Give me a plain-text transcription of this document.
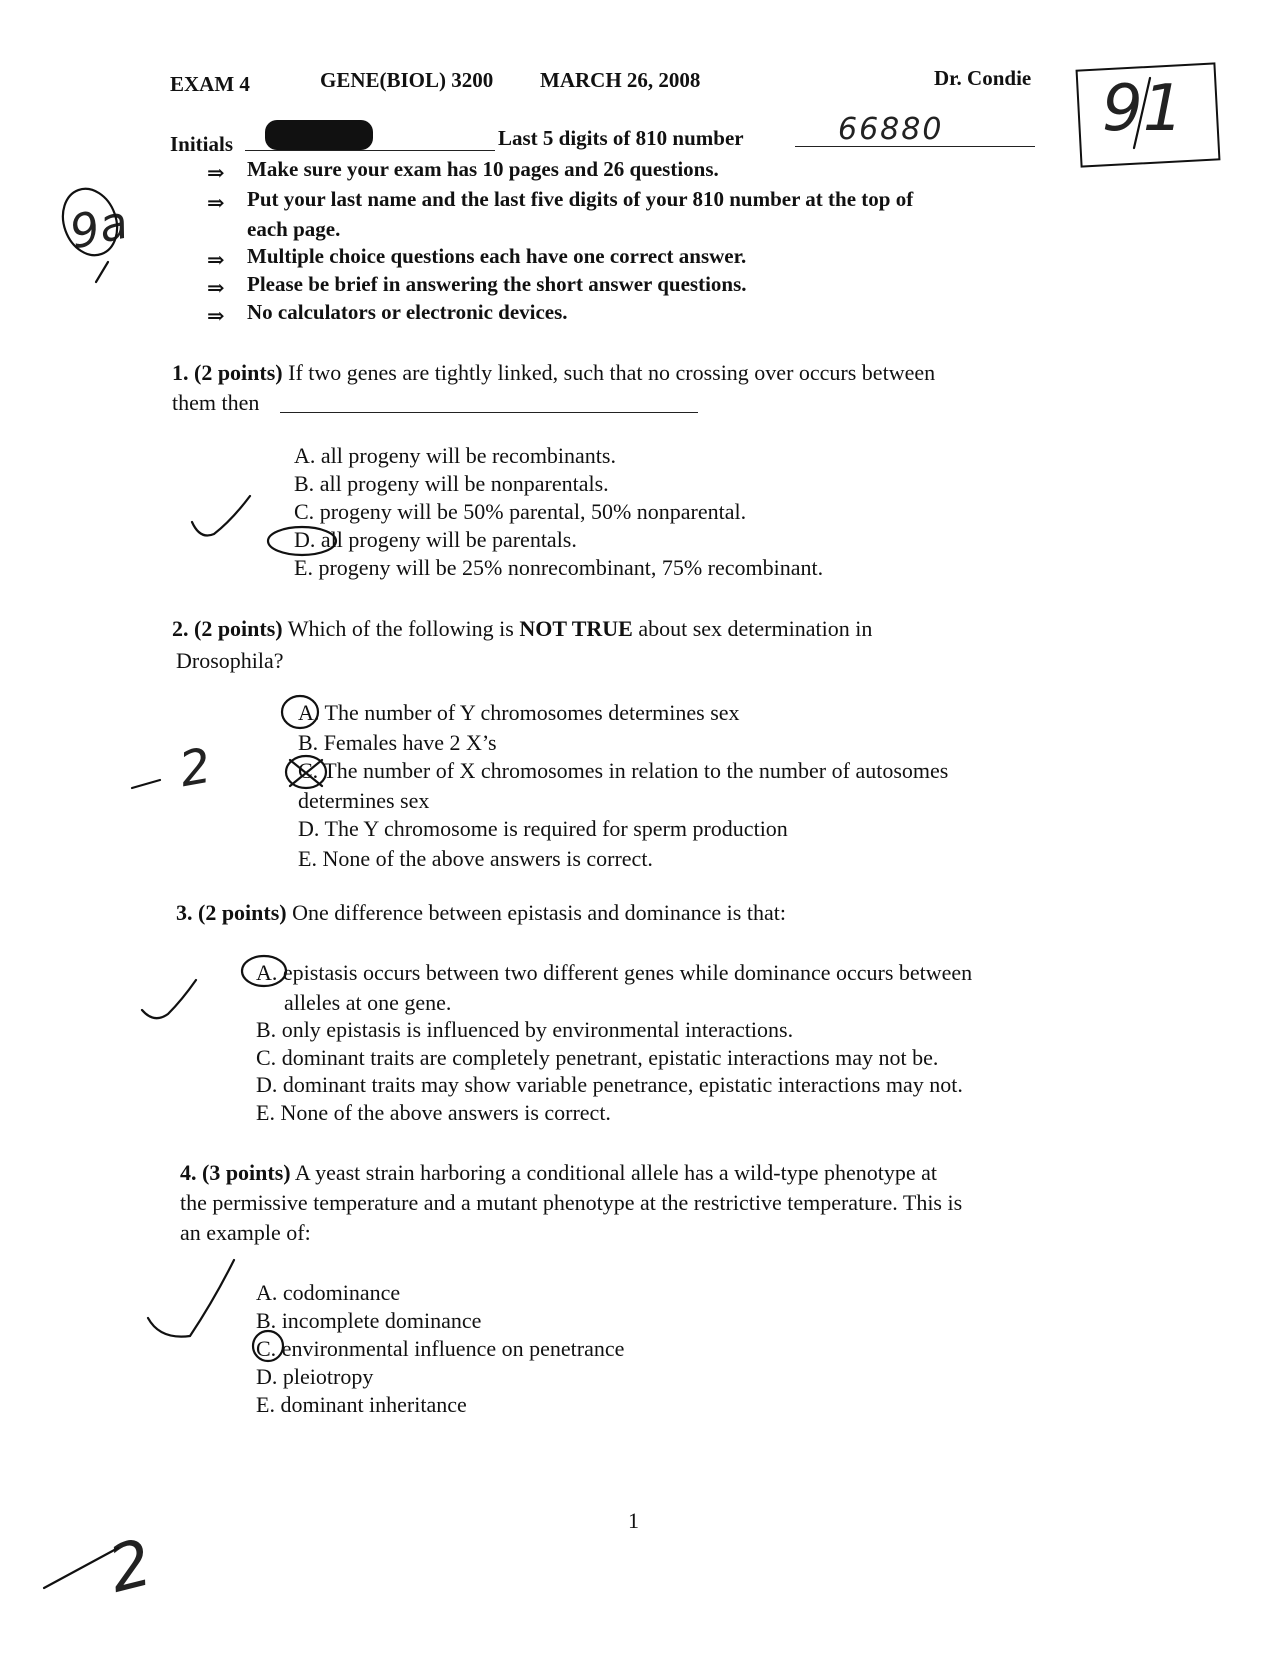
EXAM 4	GENE(BIOL) 3200 MARCH 26, 2008	Dr. Condie
Initials	Last 5 digits of 810 number	66880 91
⇒ Make sure your exam has 10 pages and 26 questions.
⇒ Put your last name and the last five digits of your 810 number at the top of
each page.
⇒ Multiple choice questions each have one correct answer.
⇒ Please be brief in answering the short answer questions.
⇒ No calculators or electronic devices.
1. (2 points) If two genes are tightly linked, such that no crossing over occurs between
them then
A. all progeny will be recombinants.
B. all progeny will be nonparentals.
C. progeny will be 50% parental, 50% nonparental.
D. all progeny will be parentals.
E. progeny will be 25% nonrecombinant, 75% recombinant.
2. (2 points) Which of the following is NOT TRUE about sex determination in
Drosophila?
A. The number of Y chromosomes determines sex
B. Females have 2 X’s
C. The number of X chromosomes in relation to the number of autosomes
determines sex
D. The Y chromosome is required for sperm production
E. None of the above answers is correct.
3. (2 points) One difference between epistasis and dominance is that:
A. epistasis occurs between two different genes while dominance occurs between
alleles at one gene.
B. only epistasis is influenced by environmental interactions.
C. dominant traits are completely penetrant, epistatic interactions may not be.
D. dominant traits may show variable penetrance, epistatic interactions may not.
E. None of the above answers is correct.
4. (3 points) A yeast strain harboring a conditional allele has a wild-type phenotype at
the permissive temperature and a mutant phenotype at the restrictive temperature. This is
an example of:
A. codominance
B. incomplete dominance
C. environmental influence on penetrance
D. pleiotropy
E. dominant inheritance
9a
2
2
1
